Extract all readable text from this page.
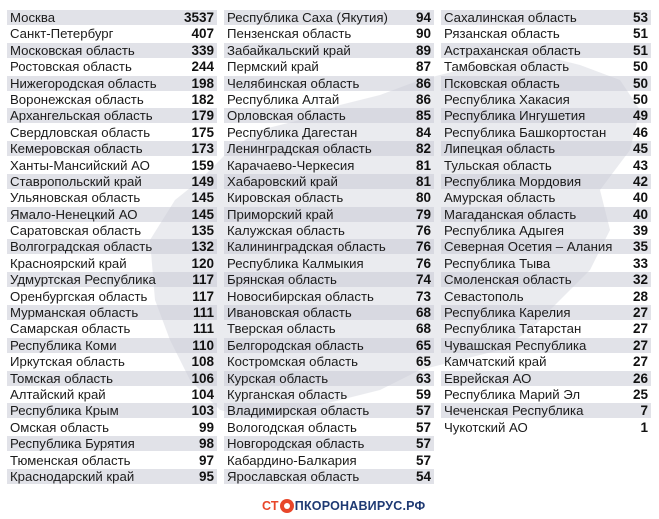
Москва	3537
Санкт-Петербург	407
Московская область	339
Ростовская область	244
Нижегородская область	198
Воронежская область	182
Архангельская область	179
Свердловская область	175
Кемеровская область	173
Ханты-Мансийский АО	159
Ставропольский край	149
Ульяновская область	145
Ямало-Ненецкий АО	145
Саратовская область	135
Волгоградская область	132
Красноярский край	120
Удмуртская Республика	117
Оренбургская область	117
Мурманская область	111
Самарская область	111
Республика Коми	110
Иркутская область	108
Томская область	106
Алтайский край	104
Республика Крым	103
Омская область	99
Республика Бурятия	98
Тюменская область	97
Краснодарский край	95
Республика Саха (Якутия) 94
Пензенская область	90
Забайкальский край	89
Пермский край	87
Челябинская область	86
Республика Алтай	86
Орловская область	85
Республика Дагестан	84
Ленинградская область	82
Карачаево-Черкесия	81
Хабаровский край	81
Кировская область	80
Приморский край	79
Калужская область	76
Калининградская область 76
Республика Калмыкия	76
Брянская область	74
Новосибирская область	73
Ивановская область	68
Тверская область	68
Белгородская область	65
Костромская область	65
Курская область	63
Курганская область	59
Владимирская область	57
Вологодская область	57
Новгородская область	57
Кабардино-Балкария	57
Ярославская область	54
Сахалинская область	53
Рязанская область	51
Астраханская область	51
Тамбовская область	50
Псковская область	50
Республика Хакасия	50
Республика Ингушетия	49
Республика Башкортостан 46
Липецкая область	45
Тульская область	43
Республика Мордовия	42
Амурская область	40
Магаданская область	40
Республика Адыгея	39
Северная Осетия – Алания 35
Республика Тыва	33
Смоленская область	32
Севастополь	28
Республика Карелия	27
Республика Татарстан	27
Чувашская Республика	27
Камчатский край	27
Еврейская АО	26
Республика Марий Эл	25
Чеченская Республика	7
Чукотский АО	1
СТ ПКОРОНАВИРУС.РФ
